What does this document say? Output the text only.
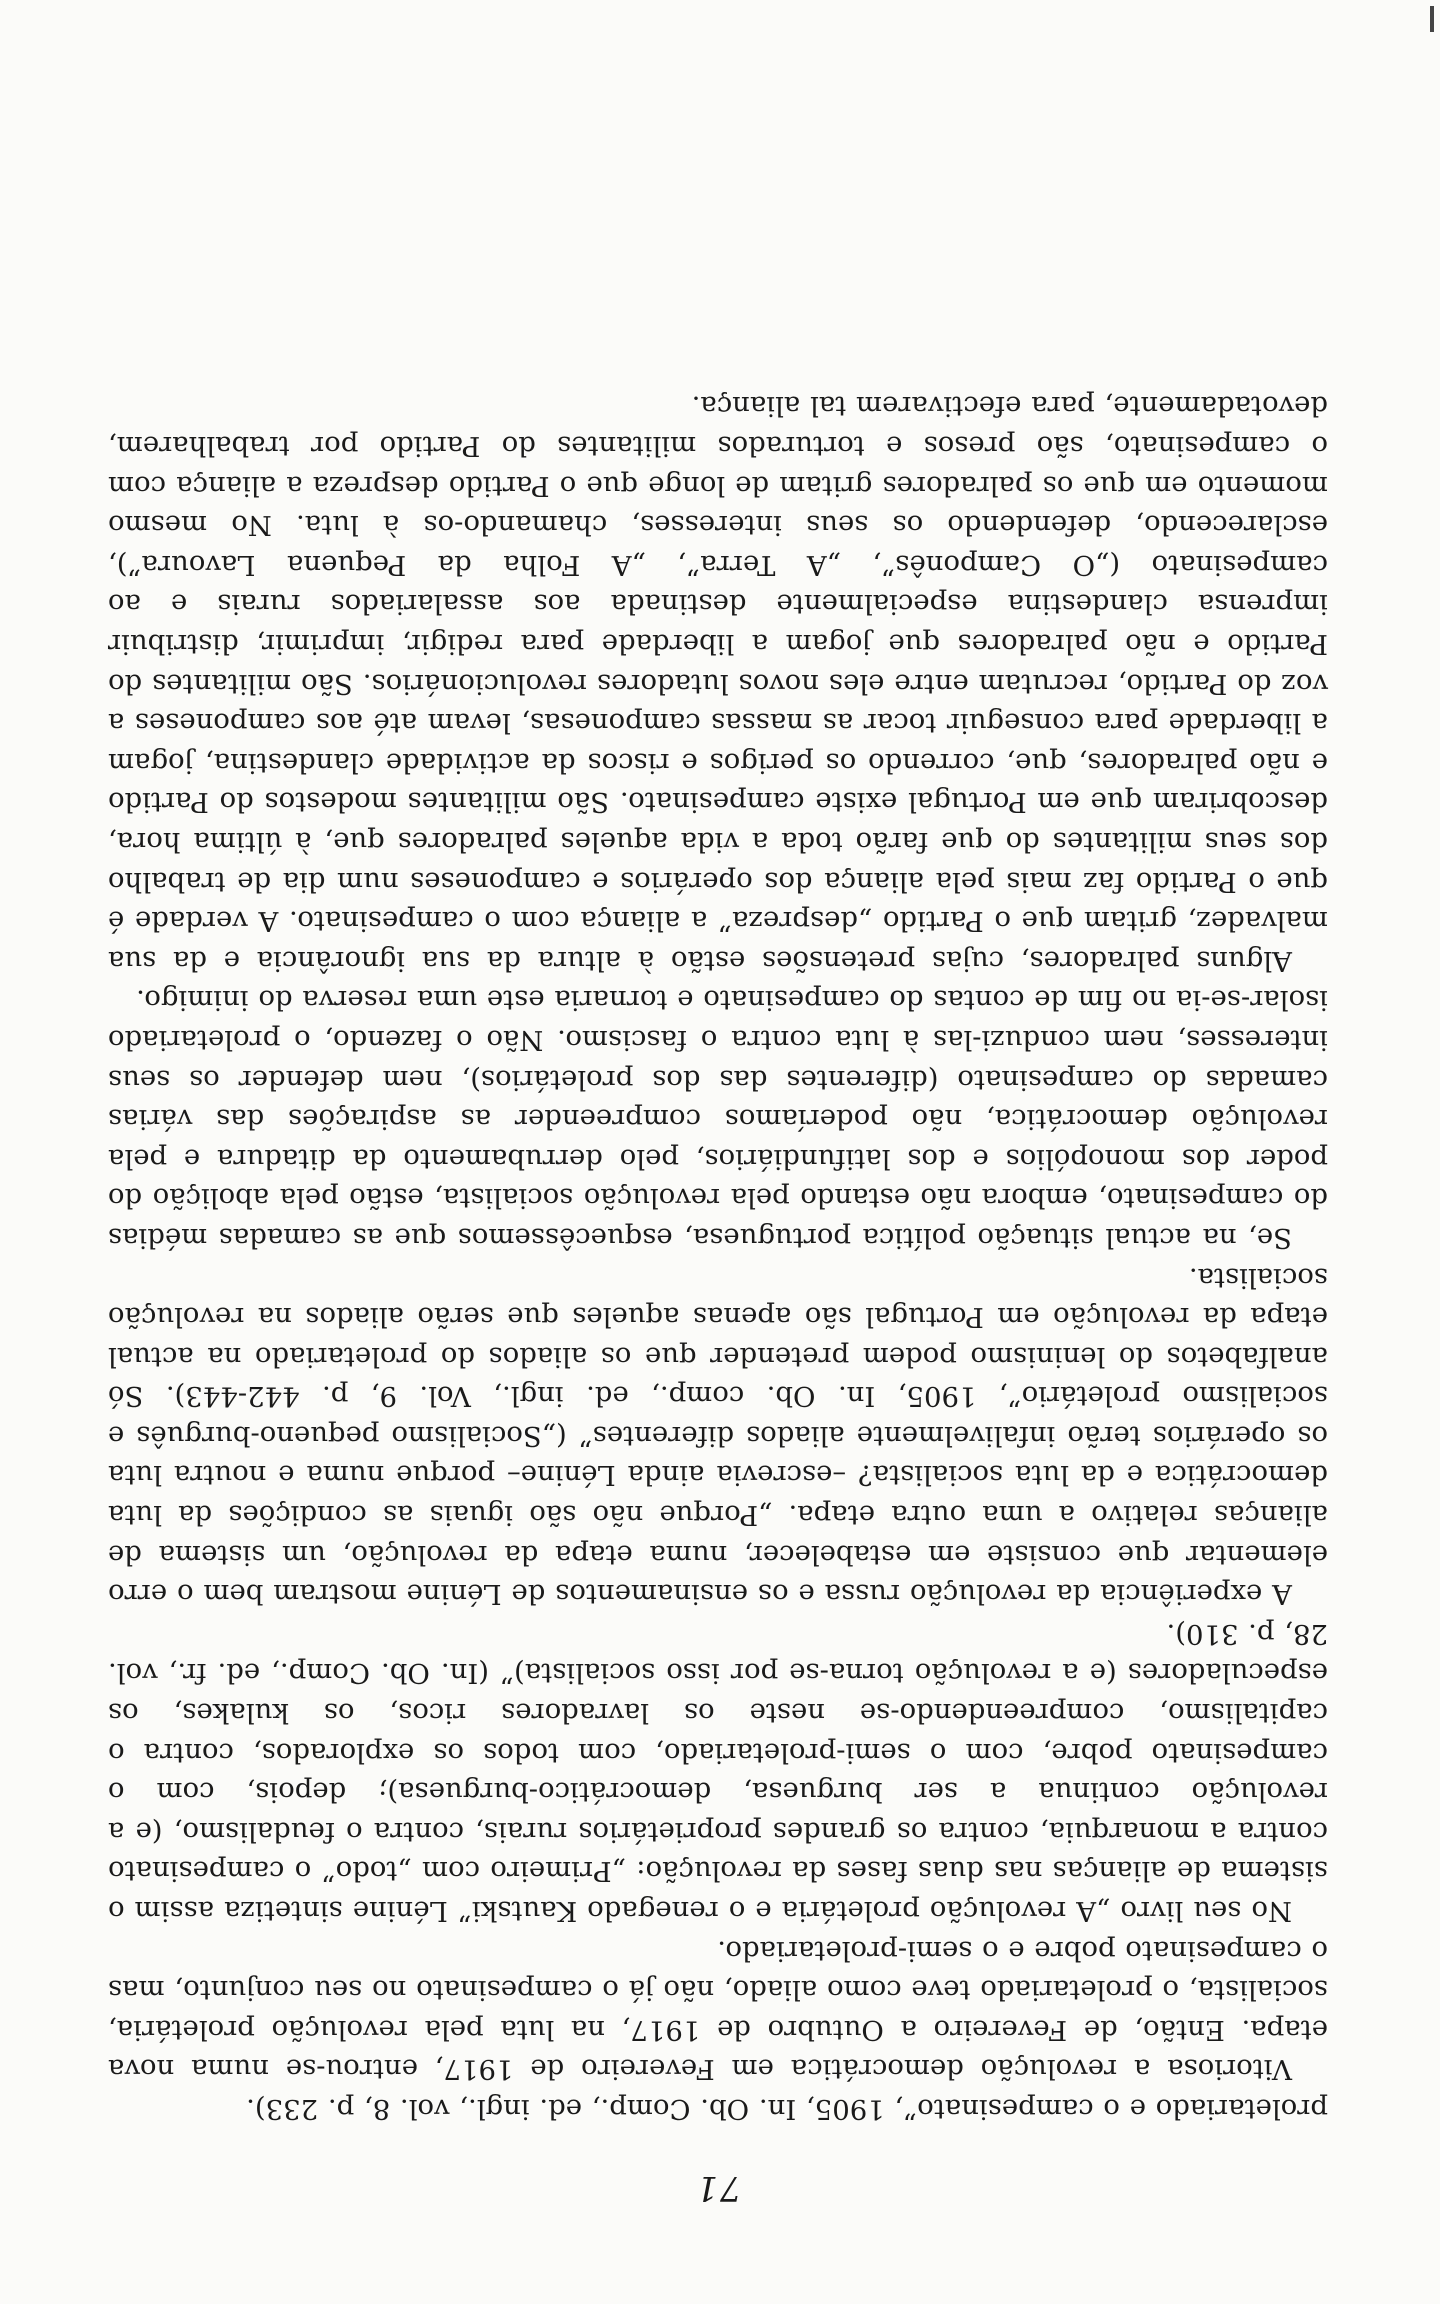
71

proletariado e o campesinato”, 1905, In. Ob. Comp., ed. ingl., vol. 8, p. 233).

Vitoriosa a revolução democrática em Fevereiro de 1917, entrou-se numa nova etapa. Então, de Fevereiro a Outubro de 1917, na luta pela revolução proletária, socialista, o proletariado teve como aliado, não já o campesinato no seu conjunto, mas o campesinato pobre e o semi-proletariado.

No seu livro „A revolução proletária e o renegado Kautski” Lénine sintetiza assim o sistema de alianças nas duas fases da revolução: „Primeiro com „todo” o campesinato contra a monarquia, contra os grandes proprietários rurais, contra o feudalismo, (e a revolução continua a ser burguesa, democrático-burguesa); depois, com o campesinato pobre, com o semi-proletariado, com todos os explorados, contra o capitalismo, compreendendo-se neste os lavradores ricos, os kulakes, os especuladores (e a revolução torna-se por isso socialista)” (In. Ob. Comp., ed. fr., vol. 28, p. 310).

A experiência da revolução russa e os ensinamentos de Lénine mostram bem o erro elementar que consiste em estabelecer, numa etapa da revolução, um sistema de alianças relativo a uma outra etapa. „Porque não são iguais as condições da luta democrática e da luta socialista? –escrevia ainda Lénine– porque numa e noutra luta os operários terão infalivelmente aliados diferentes” („Socialismo pequeno-burguês e socialismo proletário”, 1905, In. Ob. comp., ed. ingl., Vol. 9, p. 442-443). Só analfabetos do leninismo podem pretender que os aliados do proletariado na actual etapa da revolução em Portugal são apenas aqueles que serão aliados na revolução socialista.

Se, na actual situação política portuguesa, esquecêssemos que as camadas médias do campesinato, embora não estando pela revolução socialista, estão pela abolição do poder dos monopólios e dos latifundiários, pelo derrubamento da ditadura e pela revolução democrática, não poderíamos compreender as aspirações das várias camadas do campesinato (diferentes das dos proletários), nem defender os seus interesses, nem conduzi-las à luta contra o fascismo. Não o fazendo, o proletariado isolar-se-ia no fim de contas do campesinato e tornaria este uma reserva do inimigo.

Alguns palradores, cujas pretensões estão à altura da sua ignorância e da sua malvadez, gritam que o Partido „despreza” a aliança com o campesinato. A verdade é que o Partido faz mais pela aliança dos operários e camponeses num dia de trabalho dos seus militantes do que farão toda a vida aqueles palradores que, à última hora, descobriram que em Portugal existe campesinato. São militantes modestos do Partido e não palradores, que, correndo os perigos e riscos da actividade clandestina, jogam a liberdade para conseguir tocar as massas camponesas, levam até aos camponeses a voz do Partido, recrutam entre eles novos lutadores revolucionários. São militantes do Partido e não palradores que jogam a liberdade para redigir, imprimir, distribuir imprensa clandestina especialmente destinada aos assalariados rurais e ao campesinato („O Camponês”, „A Terra”, „A Folha da Pequena Lavoura”), esclarecendo, defendendo os seus interesses, chamando-os à luta. No mesmo momento em que os palradores gritam de longe que o Partido despreza a aliança com o campesinato, são presos e torturados militantes do Partido por trabalharem, devotadamente, para efectivarem tal aliança.
